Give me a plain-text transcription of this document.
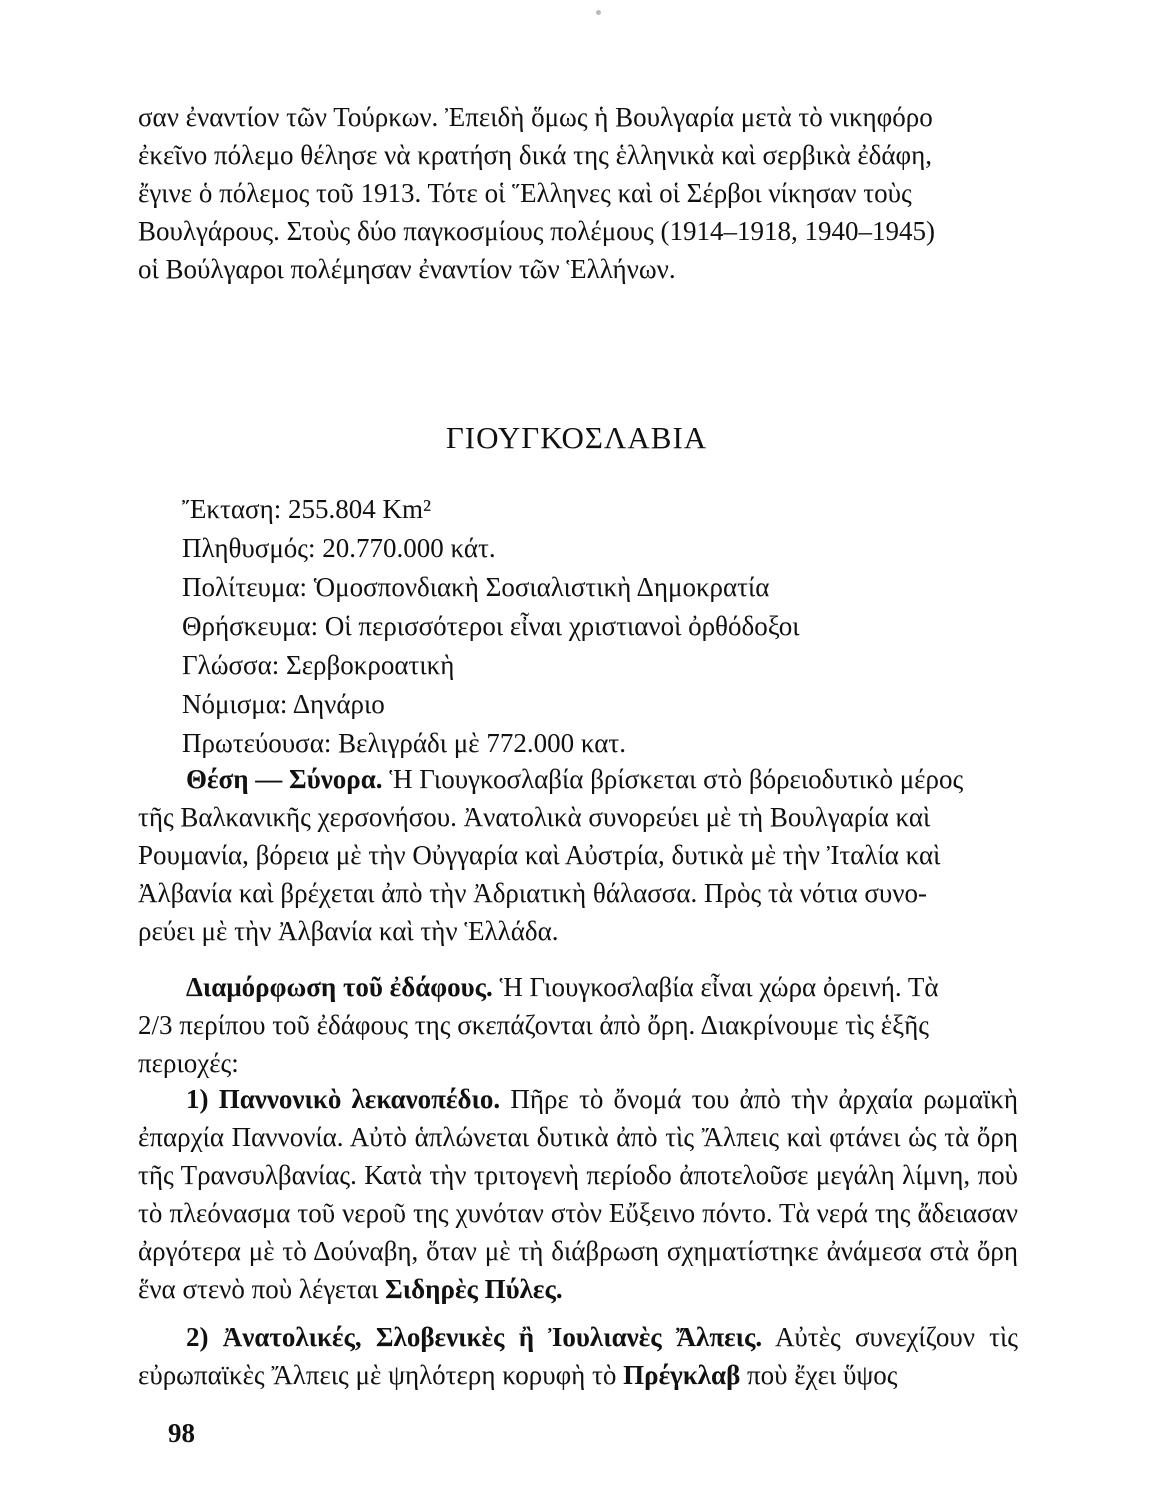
σαν ἐναντίον τῶν Τούρκων. Ἐπειδὴ ὅμως ἡ Βουλγαρία μετὰ τὸ νικηφόρο

ἐκεῖνο πόλεμο θέλησε νὰ κρατήση δικά της ἑλληνικὰ καὶ σερβικὰ ἐδάφη,

ἔγινε ὁ πόλεμος τοῦ 1913. Τότε οἱ Ἕλληνες καὶ οἱ Σέρβοι νίκησαν τοὺς

Βουλγάρους. Στοὺς δύο παγκοσμίους πολέμους (1914–1918, 1940–1945)

οἱ Βούλγαροι πολέμησαν ἐναντίον τῶν Ἑλλήνων.

ΓΙΟΥΓΚΟΣΛΑΒΙΑ
Ἔκταση: 255.804 Km²
Πληθυσμός: 20.770.000 κάτ.
Πολίτευμα: Ὁμοσπονδιακὴ Σοσιαλιστικὴ Δημοκρατία
Θρήσκευμα: Οἱ περισσότεροι εἶναι χριστιανοὶ ὀρθόδοξοι
Γλώσσα: Σερβοκροατικὴ
Νόμισμα: Δηνάριο
Πρωτεύουσα: Βελιγράδι μὲ 772.000 κατ.

Θέση — Σύνορα. Ἡ Γιουγκοσλαβία βρίσκεται στὸ βόρειοδυτικὸ μέρος

τῆς Βαλκανικῆς χερσονήσου. Ἀνατολικὰ συνορεύει μὲ τὴ Βουλγαρία καὶ

Ρουμανία, βόρεια μὲ τὴν Οὐγγαρία καὶ Αὐστρία, δυτικὰ μὲ τὴν Ἰταλία καὶ

Ἀλβανία καὶ βρέχεται ἀπὸ τὴν Ἀδριατικὴ θάλασσα. Πρὸς τὰ νότια συνο-

ρεύει μὲ τὴν Ἀλβανία καὶ τὴν Ἑλλάδα.

Διαμόρφωση τοῦ ἐδάφους. Ἡ Γιουγκοσλαβία εἶναι χώρα ὀρεινή. Τὰ

2/3 περίπου τοῦ ἐδάφους της σκεπάζονται ἀπὸ ὄρη. Διακρίνουμε τὶς ἑξῆς

περιοχές:

1) Παννονικὸ λεκανοπέδιο. Πῆρε τὸ ὄνομά του ἀπὸ τὴν ἀρχαία ρωμαϊκὴ ἐπαρχία Παννονία. Αὐτὸ ἁπλώνεται δυτικὰ ἀπὸ τὶς Ἄλπεις καὶ φτάνει ὡς τὰ ὄρη τῆς Τρανσυλβανίας. Κατὰ τὴν τριτογενὴ περίοδο ἀποτελοῦσε μεγάλη λίμνη, ποὺ τὸ πλεόνασμα τοῦ νεροῦ της χυνόταν στὸν Εὔξεινο πόντο. Τὰ νερά της ἄδειασαν ἀργότερα μὲ τὸ Δούναβη, ὅταν μὲ τὴ διάβρωση σχηματίστηκε ἀνάμεσα στὰ ὄρη ἕνα στενὸ ποὺ λέγεται Σιδηρὲς Πύλες.

2) Ἀνατολικές, Σλοβενικὲς ἢ Ἰουλιανὲς Ἄλπεις. Αὐτὲς συνεχίζουν τὶς εὐρωπαϊκὲς Ἄλπεις μὲ ψηλότερη κορυφὴ τὸ Πρέγκλαβ ποὺ ἔχει ὕψος

98
